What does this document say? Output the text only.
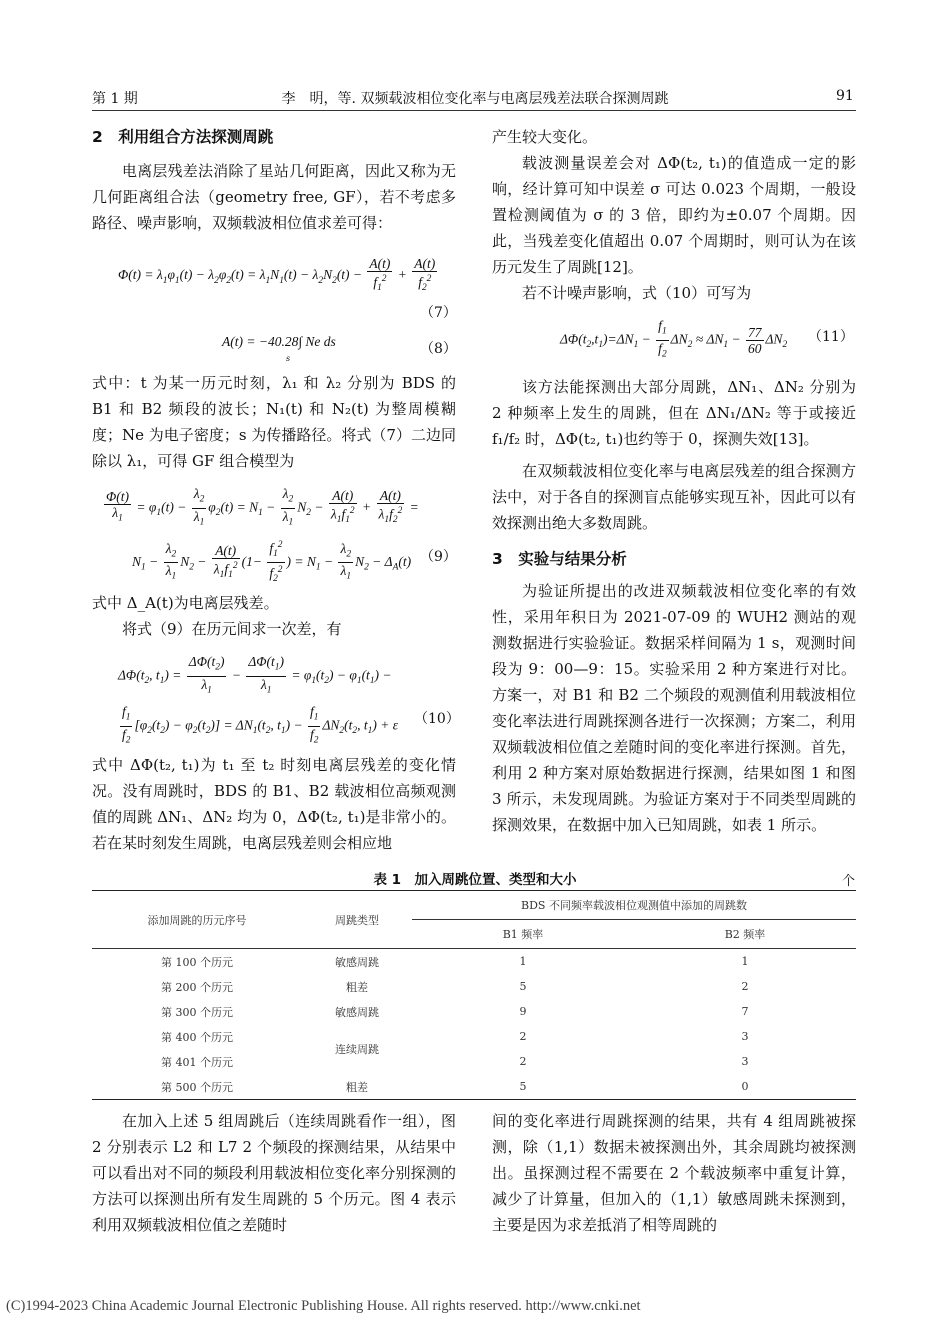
第 1 期	李　明，等. 双频载波相位变化率与电离层残差法联合探测周跳	91

2　利用组合方法探测周跳

电离层残差法消除了星站几何距离，因此又称为无几何距离组合法（geometry free, GF），若不考虑多路径、噪声影响，双频载波相位值求差可得：

$\Phi(t) = \lambda_1\varphi_1(t) - \lambda_2\varphi_2(t) = \lambda_1N_1(t) - \lambda_2N_2(t) - \frac{A(t)}{f_1^2} + \frac{A(t)}{f_2^2}$
（7）
A(t) = −40.28∫ Ne ds
s
（8）

式中：t 为某一历元时刻，λ₁ 和 λ₂ 分别为 BDS 的 B1 和 B2 频段的波长；N₁(t) 和 N₂(t) 为整周模糊度；Ne 为电子密度；s 为传播路径。将式（7）二边同除以 λ₁，可得 GF 组合模型为

$\frac{\Phi(t)}{\lambda_1} = \varphi_1(t) - \frac{\lambda_2}{\lambda_1} \varphi_2(t) = N_1 - \frac{\lambda_2}{\lambda_1} N_2 - \frac{A(t)}{\lambda_1f_1^2} + \frac{A(t)}{\lambda_1f_2^2}$ =
$N_1 - \frac{\lambda_2}{\lambda_1} N_2 - \frac{A(t)}{\lambda_1f_1^2} (1- \frac{f_1^2}{f_2^2}$ ) = $N_1 - \frac{\lambda_2}{\lambda_1} N_2 - \Delta_A(t)$ （9）

式中 Δ_A(t)为电离层残差。

将式（9）在历元间求一次差，有

$\Delta\Phi(t_2$, $t_1) = \frac{\Delta\Phi(t_2)}{\lambda_1} - \frac{\Delta\Phi(t_1)}{\lambda_1} = \varphi_1(t_2) - \varphi_1(t_1)$ −
$\frac{f_1}{f_2} [\varphi_2(t_2) - \varphi_2(t_2)] = \Delta N_1(t_2$, $t_1) - \frac{f_1}{f_2} \Delta N_2(t_2$, $t_1) + \varepsilon$ （10）

式中 ΔΦ(t₂, t₁)为 t₁ 至 t₂ 时刻电离层残差的变化情况。没有周跳时，BDS 的 B1、B2 载波相位高频观测值的周跳 ΔN₁、ΔN₂ 均为 0，ΔΦ(t₂, t₁)是非常小的。若在某时刻发生周跳，电离层残差则会相应地

产生较大变化。

载波测量误差会对 ΔΦ(t₂, t₁)的值造成一定的影响，经计算可知中误差 σ 可达 0.023 个周期，一般设置检测阈值为 σ 的 3 倍，即约为±0.07 个周期。因此，当残差变化值超出 0.07 个周期时，则可认为在该历元发生了周跳[12]。

若不计噪声影响，式（10）可写为

$\Delta\Phi(t_2,t_1)=\Delta N_1 - \frac{f_1}{f_2} \Delta N_2 \approx \Delta N_1 - \frac{77}{60} \Delta N_2$ （11）

该方法能探测出大部分周跳，ΔN₁、ΔN₂ 分别为 2 种频率上发生的周跳，但在 ΔN₁/ΔN₂ 等于或接近 f₁/f₂ 时，ΔΦ(t₂, t₁)也约等于 0，探测失效[13]。

在双频载波相位变化率与电离层残差的组合探测方法中，对于各自的探测盲点能够实现互补，因此可以有效探测出绝大多数周跳。

3　实验与结果分析

为验证所提出的改进双频载波相位变化率的有效性，采用年积日为 2021-07-09 的 WUH2 测站的观测数据进行实验验证。数据采样间隔为 1 s，观测时间段为 9：00—9：15。实验采用 2 种方案进行对比。方案一，对 B1 和 B2 二个频段的观测值利用载波相位变化率法进行周跳探测各进行一次探测；方案二，利用双频载波相位值之差随时间的变化率进行探测。首先，利用 2 种方案对原始数据进行探测，结果如图 1 和图 3 所示，未发现周跳。为验证方案对于不同类型周跳的探测效果，在数据中加入已知周跳，如表 1 所示。

表 1　加入周跳位置、类型和大小	个
添加周跳的历元序号	周跳类型	BDS 不同频率载波相位观测值中添加的周跳数	
		B1 频率	B2 频率
第 100 个历元	敏感周跳	1	1
第 200 个历元	粗差	5	2
第 300 个历元	敏感周跳	9	7
第 400 个历元	连续周跳	2	3
第 401 个历元		2	3
第 500 个历元	粗差	5	0

在加入上述 5 组周跳后（连续周跳看作一组），图 2 分别表示 L2 和 L7 2 个频段的探测结果，从结果中可以看出对不同的频段利用载波相位变化率分别探测的方法可以探测出所有发生周跳的 5 个历元。图 4 表示利用双频载波相位值之差随时

间的变化率进行周跳探测的结果，共有 4 组周跳被探测，除（1,1）数据未被探测出外，其余周跳均被探测出。虽探测过程不需要在 2 个载波频率中重复计算，减少了计算量，但加入的（1,1）敏感周跳未探测到，主要是因为求差抵消了相等周跳的

(C)1994-2023 China Academic Journal Electronic Publishing House. All rights reserved. http://www.cnki.net
